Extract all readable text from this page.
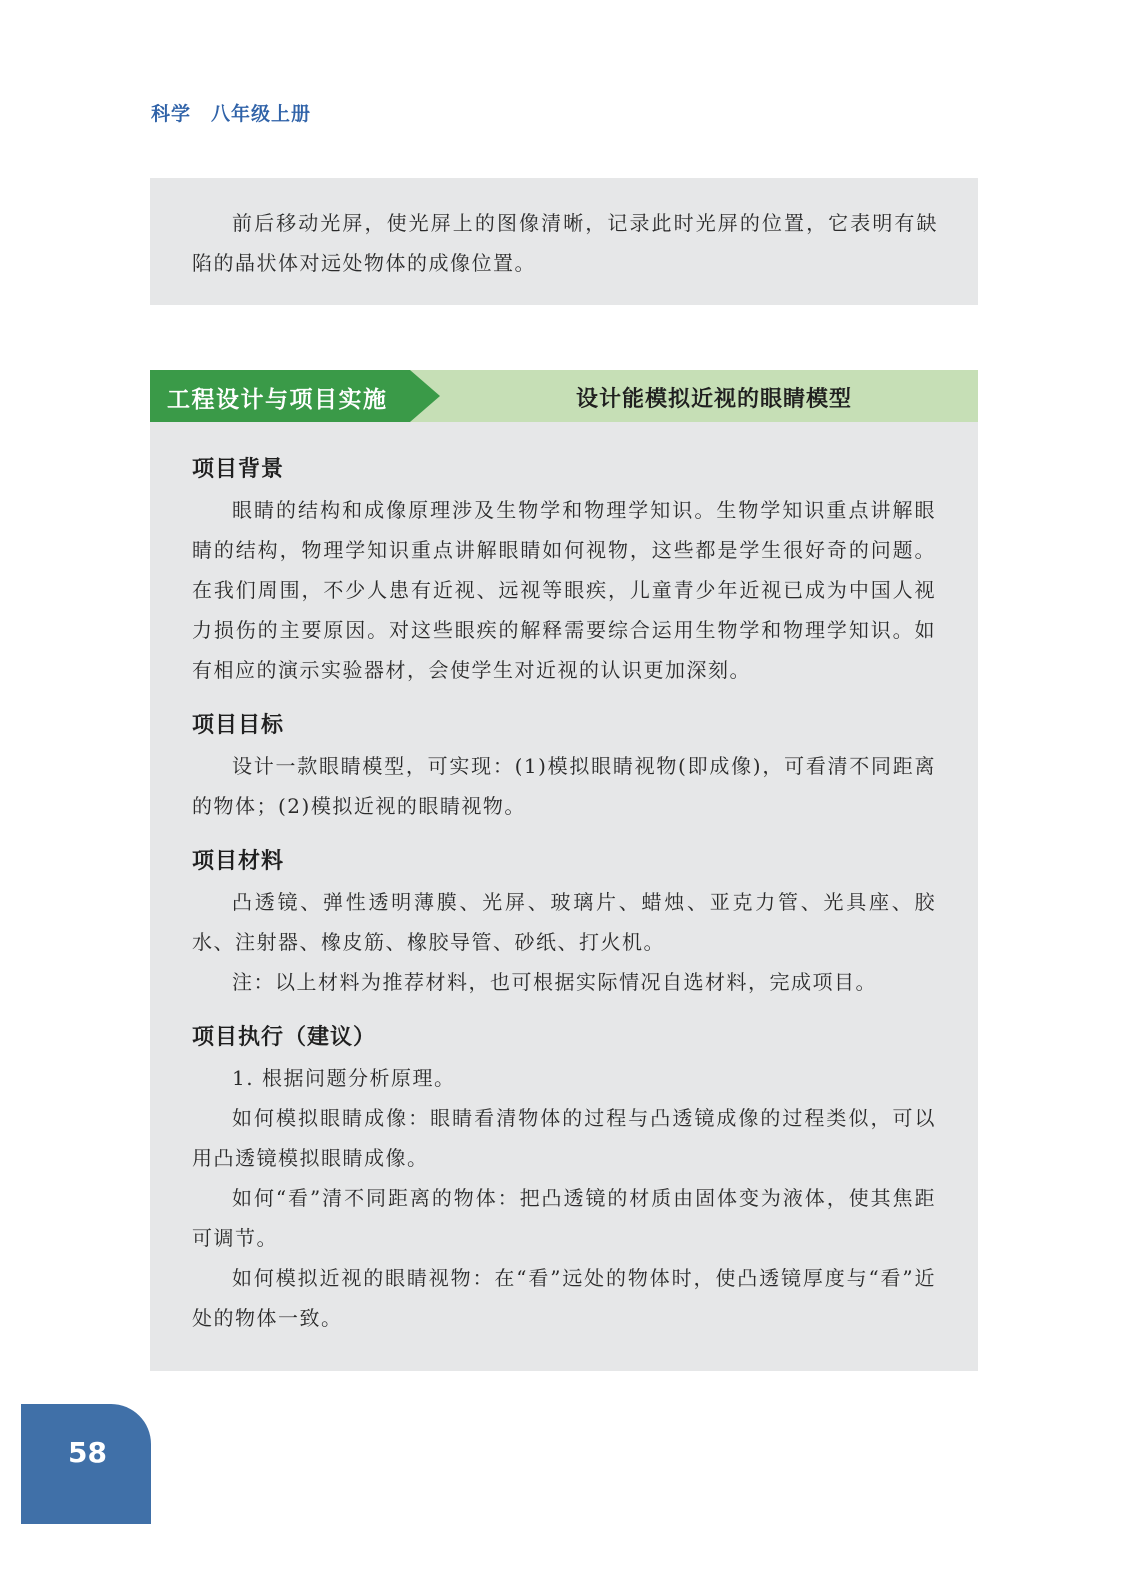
科学 八年级上册

前后移动光屏，使光屏上的图像清晰，记录此时光屏的位置，它表明有缺陷的晶状体对远处物体的成像位置。

工程设计与项目实施	设计能模拟近视的眼睛模型
项目背景

眼睛的结构和成像原理涉及生物学和物理学知识。生物学知识重点讲解眼睛的结构，物理学知识重点讲解眼睛如何视物，这些都是学生很好奇的问题。在我们周围，不少人患有近视、远视等眼疾，儿童青少年近视已成为中国人视力损伤的主要原因。对这些眼疾的解释需要综合运用生物学和物理学知识。如有相应的演示实验器材，会使学生对近视的认识更加深刻。

项目目标

设计一款眼睛模型，可实现：(1)模拟眼睛视物(即成像)，可看清不同距离的物体；(2)模拟近视的眼睛视物。

项目材料

凸透镜、弹性透明薄膜、光屏、玻璃片、蜡烛、亚克力管、光具座、胶水、注射器、橡皮筋、橡胶导管、砂纸、打火机。

注：以上材料为推荐材料，也可根据实际情况自选材料，完成项目。

项目执行（建议）

1. 根据问题分析原理。

如何模拟眼睛成像：眼睛看清物体的过程与凸透镜成像的过程类似，可以用凸透镜模拟眼睛成像。

如何“看”清不同距离的物体：把凸透镜的材质由固体变为液体，使其焦距可调节。

如何模拟近视的眼睛视物：在“看”远处的物体时，使凸透镜厚度与“看”近处的物体一致。

58
